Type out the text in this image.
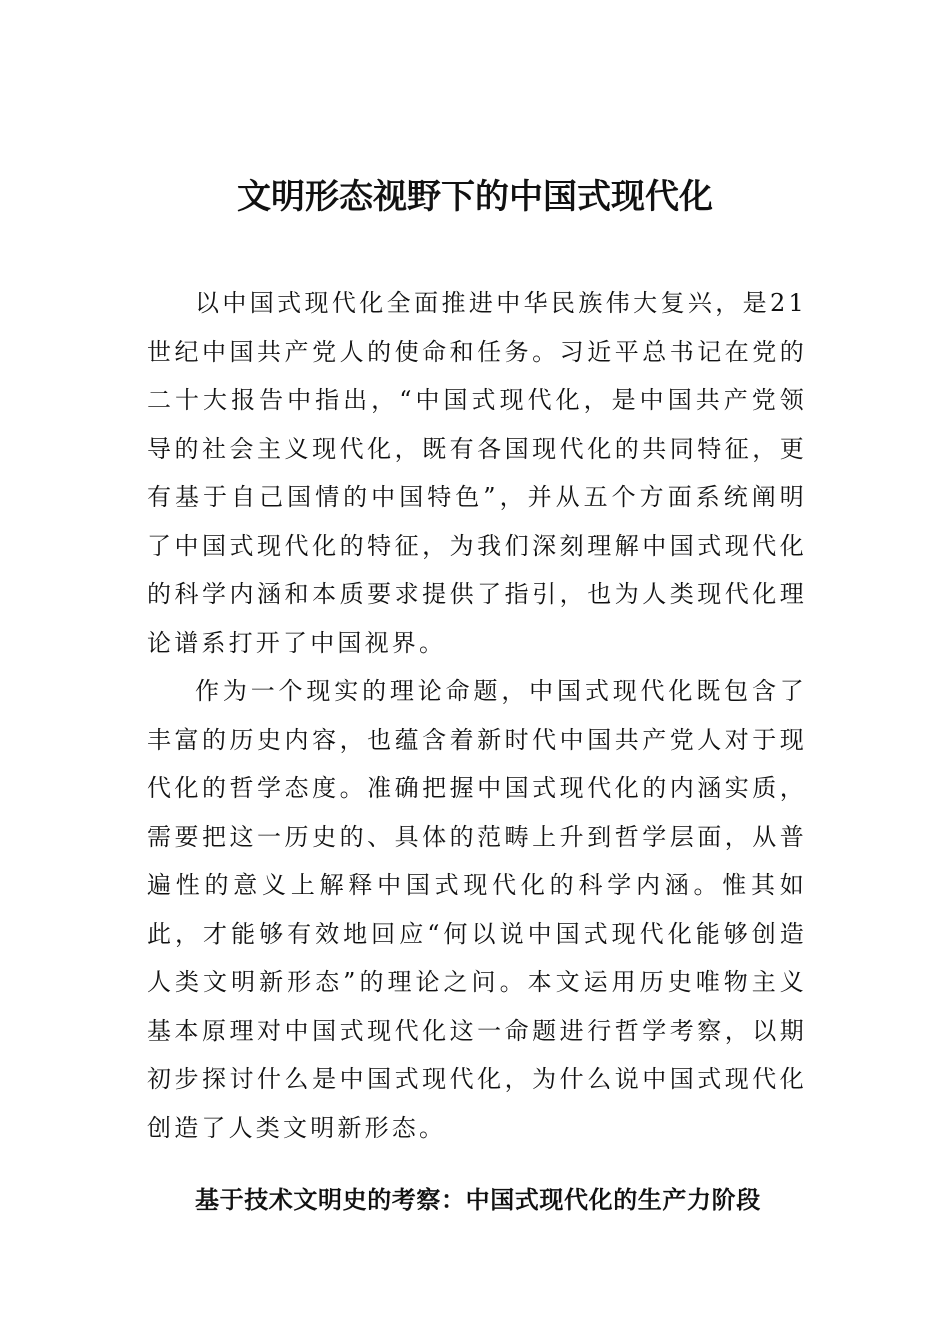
文明形态视野下的中国式现代化

以中国式现代化全面推进中华民族伟大复兴，是21世纪中国共产党人的使命和任务。习近平总书记在党的二十大报告中指出，“中国式现代化，是中国共产党领导的社会主义现代化，既有各国现代化的共同特征，更有基于自己国情的中国特色”，并从五个方面系统阐明了中国式现代化的特征，为我们深刻理解中国式现代化的科学内涵和本质要求提供了指引，也为人类现代化理论谱系打开了中国视界。

作为一个现实的理论命题，中国式现代化既包含了丰富的历史内容，也蕴含着新时代中国共产党人对于现代化的哲学态度。准确把握中国式现代化的内涵实质，需要把这一历史的、具体的范畴上升到哲学层面，从普遍性的意义上解释中国式现代化的科学内涵。惟其如此，才能够有效地回应“何以说中国式现代化能够创造人类文明新形态”的理论之问。本文运用历史唯物主义基本原理对中国式现代化这一命题进行哲学考察，以期初步探讨什么是中国式现代化，为什么说中国式现代化创造了人类文明新形态。

基于技术文明史的考察：中国式现代化的生产力阶段
